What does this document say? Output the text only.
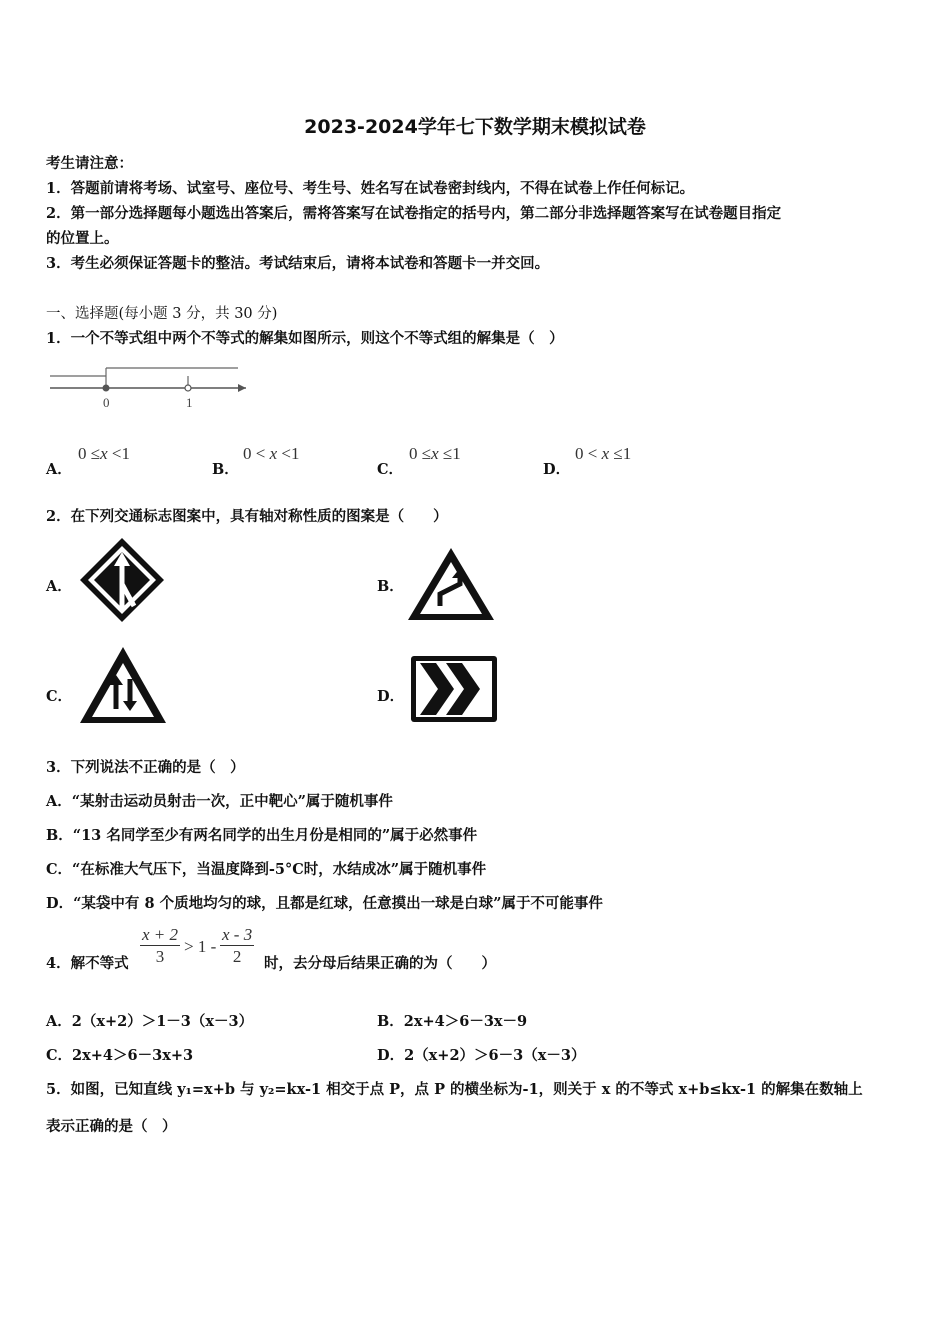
2023-2024学年七下数学期末模拟试卷
考生请注意：
1．答题前请将考场、试室号、座位号、考生号、姓名写在试卷密封线内，不得在试卷上作任何标记。
2．第一部分选择题每小题选出答案后，需将答案写在试卷指定的括号内，第二部分非选择题答案写在试卷题目指定
的位置上。
3．考生必须保证答题卡的整洁。考试结束后，请将本试卷和答题卡一并交回。
一、选择题(每小题 3 分，共 30 分)
1．一个不等式组中两个不等式的解集如图所示，则这个不等式组的解集是（　）
0	1
A．
0 ≤x <1
B．
0 < x <1
C．
0 ≤x ≤1
D．
0 < x ≤1
2．在下列交通标志图案中，具有轴对称性质的图案是（　　）
A．	B．
C．	D．
3．下列说法不正确的是（　）
A．“某射击运动员射击一次，正中靶心”属于随机事件
B．“13 名同学至少有两名同学的出生月份是相同的”属于必然事件
C．“在标准大气压下，当温度降到-5°C时，水结成冰”属于随机事件
D．“某袋中有 8 个质地均匀的球，且都是红球，任意摸出一球是白球”属于不可能事件
4．解不等式 $\frac{x + 2}{3} > 1 - \frac{x - 3}{2}$ 时，去分母后结果正确的为（　　）
A．2（x+2）＞1－3（x－3）	B．2x+4＞6－3x－9
C．2x+4＞6－3x+3	D．2（x+2）＞6－3（x－3）
5．如图，已知直线 y₁=x+b 与 y₂=kx-1 相交于点 P，点 P 的横坐标为-1，则关于 x 的不等式 x+b≤kx-1 的解集在数轴上
表示正确的是（　）
